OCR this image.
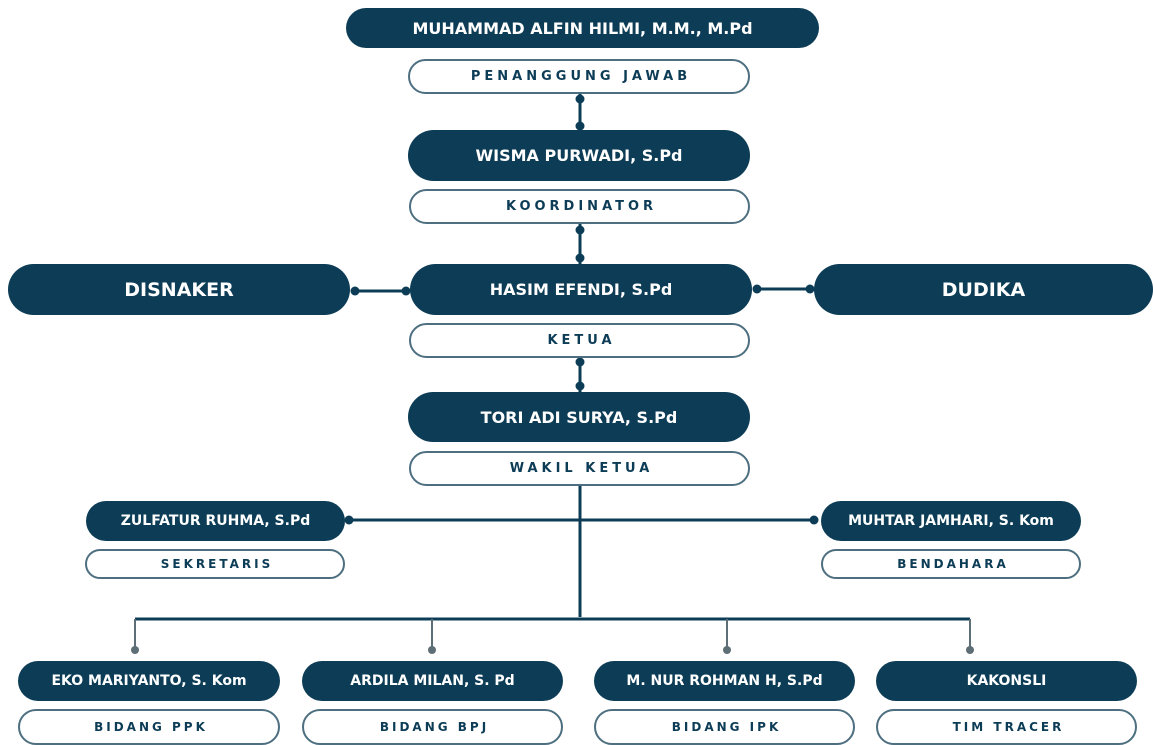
MUHAMMAD ALFIN HILMI, M.M., M.Pd
PENANGGUNG JAWAB
WISMA PURWADI, S.Pd
KOORDINATOR
DISNAKER	HASIM EFENDI, S.Pd	DUDIKA
KETUA
TORI ADI SURYA, S.Pd
WAKIL KETUA
ZULFATUR RUHMA, S.Pd
SEKRETARIS
MUHTAR JAMHARI, S. Kom
BENDAHARA
EKO MARIYANTO, S. Kom
BIDANG PPK
ARDILA MILAN, S. Pd
BIDANG BPJ
M. NUR ROHMAN H, S.Pd
BIDANG IPK
KAKONSLI
TIM TRACER
